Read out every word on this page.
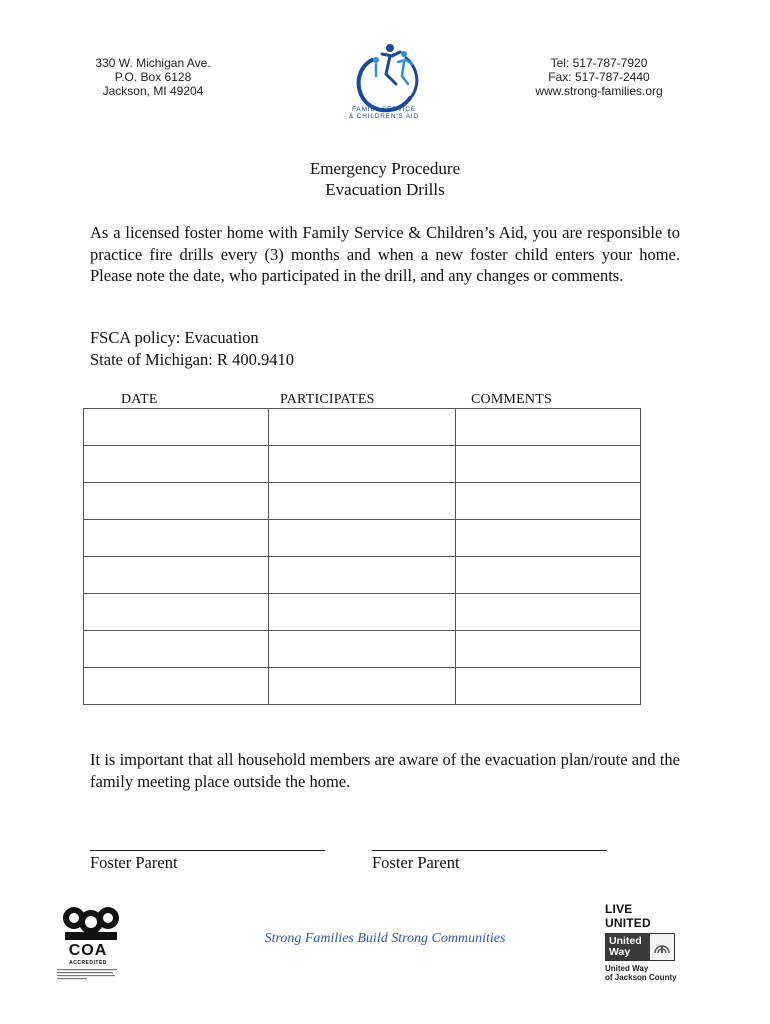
330 W. Michigan Ave.
P.O. Box 6128
Jackson, MI 49204
FAMILY SERVICE
& CHILDREN'S AID
Tel: 517-787-7920
Fax: 517-787-2440
www.strong-families.org
Emergency Procedure
Evacuation Drills
As a licensed foster home with Family Service & Children’s Aid, you are responsible to practice fire drills every (3) months and when a new foster child enters your home. Please note the date, who participated in the drill, and any changes or comments.
FSCA policy: Evacuation
State of Michigan: R 400.9410
DATE	PARTICIPATES	COMMENTS

It is important that all household members are aware of the evacuation plan/route and the family meeting place outside the home.
Foster Parent	Foster Parent
COA
ACCREDITED
Strong Families Build Strong Communities
LIVE UNITED
United
Way
United Way
of Jackson County
